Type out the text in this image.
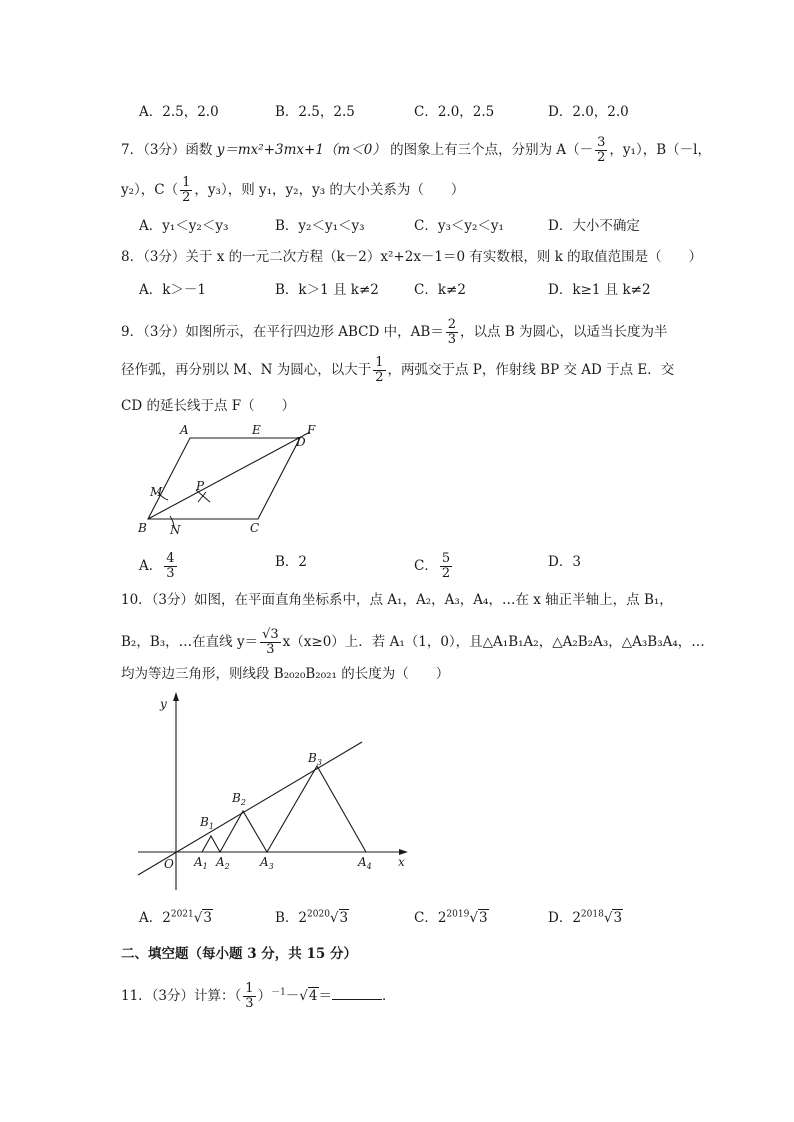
A．2.5，2.0	B．2.5，2.5	C．2.0，2.5	D．2.0，2.0
7．（3分）函数 y＝mx²+3mx+1（m＜0） 的图象上有三个点，分别为 $A(- \frac{3}{2}$ ，y₁），B（－l，
y₂），$C( \frac{1}{2}$ ，y₃），则 y₁，y₂，y₃ 的大小关系为（　　）
A．y₁＜y₂＜y₃	B．y₂＜y₁＜y₃	C．y₃＜y₂＜y₁	D．大小不确定
8．（3分）关于 x 的一元二次方程（k－2）x²+2x－1＝0 有实数根，则 k 的取值范围是（　　）
A．k＞－1	B．k＞1 且 k≠2	C．k≠2	D．k≥1 且 k≠2
9．（3分）如图所示，在平行四边形 ABCD 中，$AB= \frac{2}{3}$ ，以点 B 为圆心，以适当长度为半
径作弧，再分别以 M、N 为圆心，以大于 $\frac{1}{2}$ ，两弧交于点 P，作射线 BP 交 AD 于点 E．交
CD 的延长线于点 F（　　）
A	E
D
F
M	P
B N	C
A． $\frac{4}{3}$	B．2	C． $\frac{5}{2}$	D．3
10．（3分）如图，在平面直角坐标系中，点 A₁，A₂，A₃，A₄，…在 x 轴正半轴上，点 B₁，
B₂，B₃，…在直线 $y= \frac{√3}{3} x(x\ge 0)$上．若 A₁（1，0），且△A₁B₁A₂，△A₂B₂A₃，△A₃B₃A₄，…
均为等边三角形，则线段 B₂₀₂₀B₂₀₂₁ 的长度为（　　）
y
x
O
$B_1$
$B_2$
$B_3$
$A_1$ $A_2$	$A_3$	$A_4$
A．$2^{2021}√3$	B．$2^{2020}√3$	C．$2^{2019}√3$	D．$2^{2018}√3$
二、填空题（每小题 3 分，共 15 分）
11．（3分）计算：（ $\frac{1}{3} )^{-1}-√4=$	．
